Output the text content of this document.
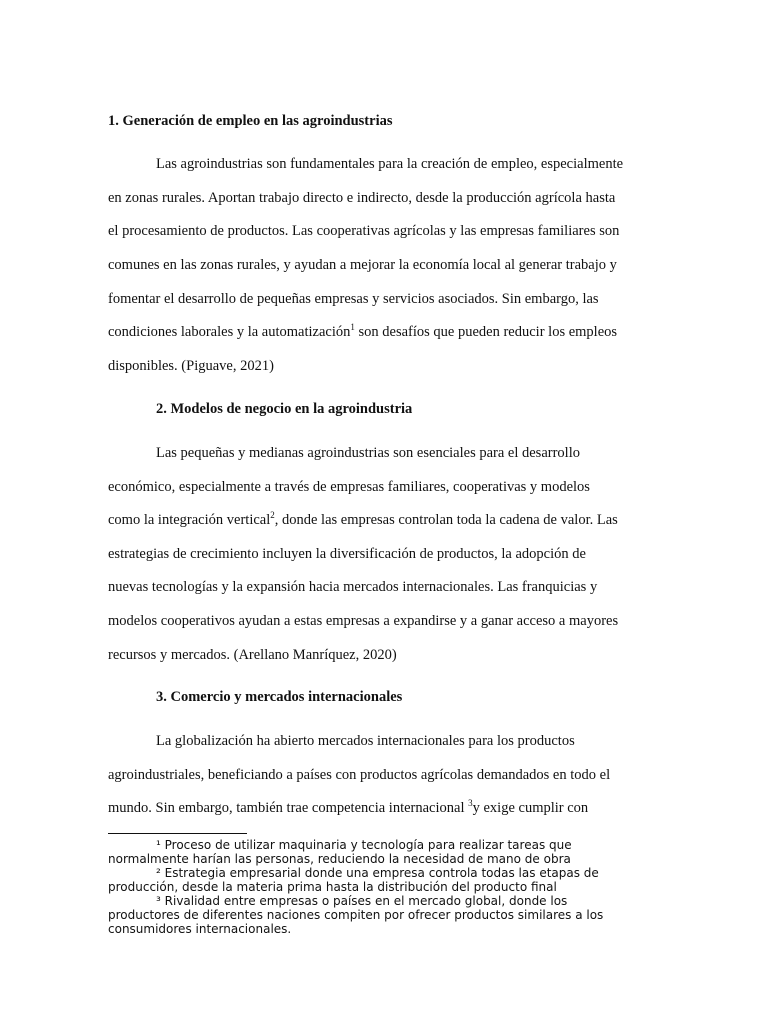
1. Generación de empleo en las agroindustrias
Las agroindustrias son fundamentales para la creación de empleo, especialmente
en zonas rurales. Aportan trabajo directo e indirecto, desde la producción agrícola hasta
el procesamiento de productos. Las cooperativas agrícolas y las empresas familiares son
comunes en las zonas rurales, y ayudan a mejorar la economía local al generar trabajo y
fomentar el desarrollo de pequeñas empresas y servicios asociados. Sin embargo, las
condiciones laborales y la automatización$^1$ son desafíos que pueden reducir los empleos
disponibles. (Piguave, 2021)
2. Modelos de negocio en la agroindustria
Las pequeñas y medianas agroindustrias son esenciales para el desarrollo
económico, especialmente a través de empresas familiares, cooperativas y modelos
como la integración vertical$^2$, donde las empresas controlan toda la cadena de valor. Las
estrategias de crecimiento incluyen la diversificación de productos, la adopción de
nuevas tecnologías y la expansión hacia mercados internacionales. Las franquicias y
modelos cooperativos ayudan a estas empresas a expandirse y a ganar acceso a mayores
recursos y mercados. (Arellano Manríquez, 2020)
3. Comercio y mercados internacionales
La globalización ha abierto mercados internacionales para los productos
agroindustriales, beneficiando a países con productos agrícolas demandados en todo el
mundo. Sin embargo, también trae competencia internacional $^3$y exige cumplir con
¹ Proceso de utilizar maquinaria y tecnología para realizar tareas que
normalmente harían las personas, reduciendo la necesidad de mano de obra
² Estrategia empresarial donde una empresa controla todas las etapas de
producción, desde la materia prima hasta la distribución del producto final
³ Rivalidad entre empresas o países en el mercado global, donde los
productores de diferentes naciones compiten por ofrecer productos similares a los
consumidores internacionales.
